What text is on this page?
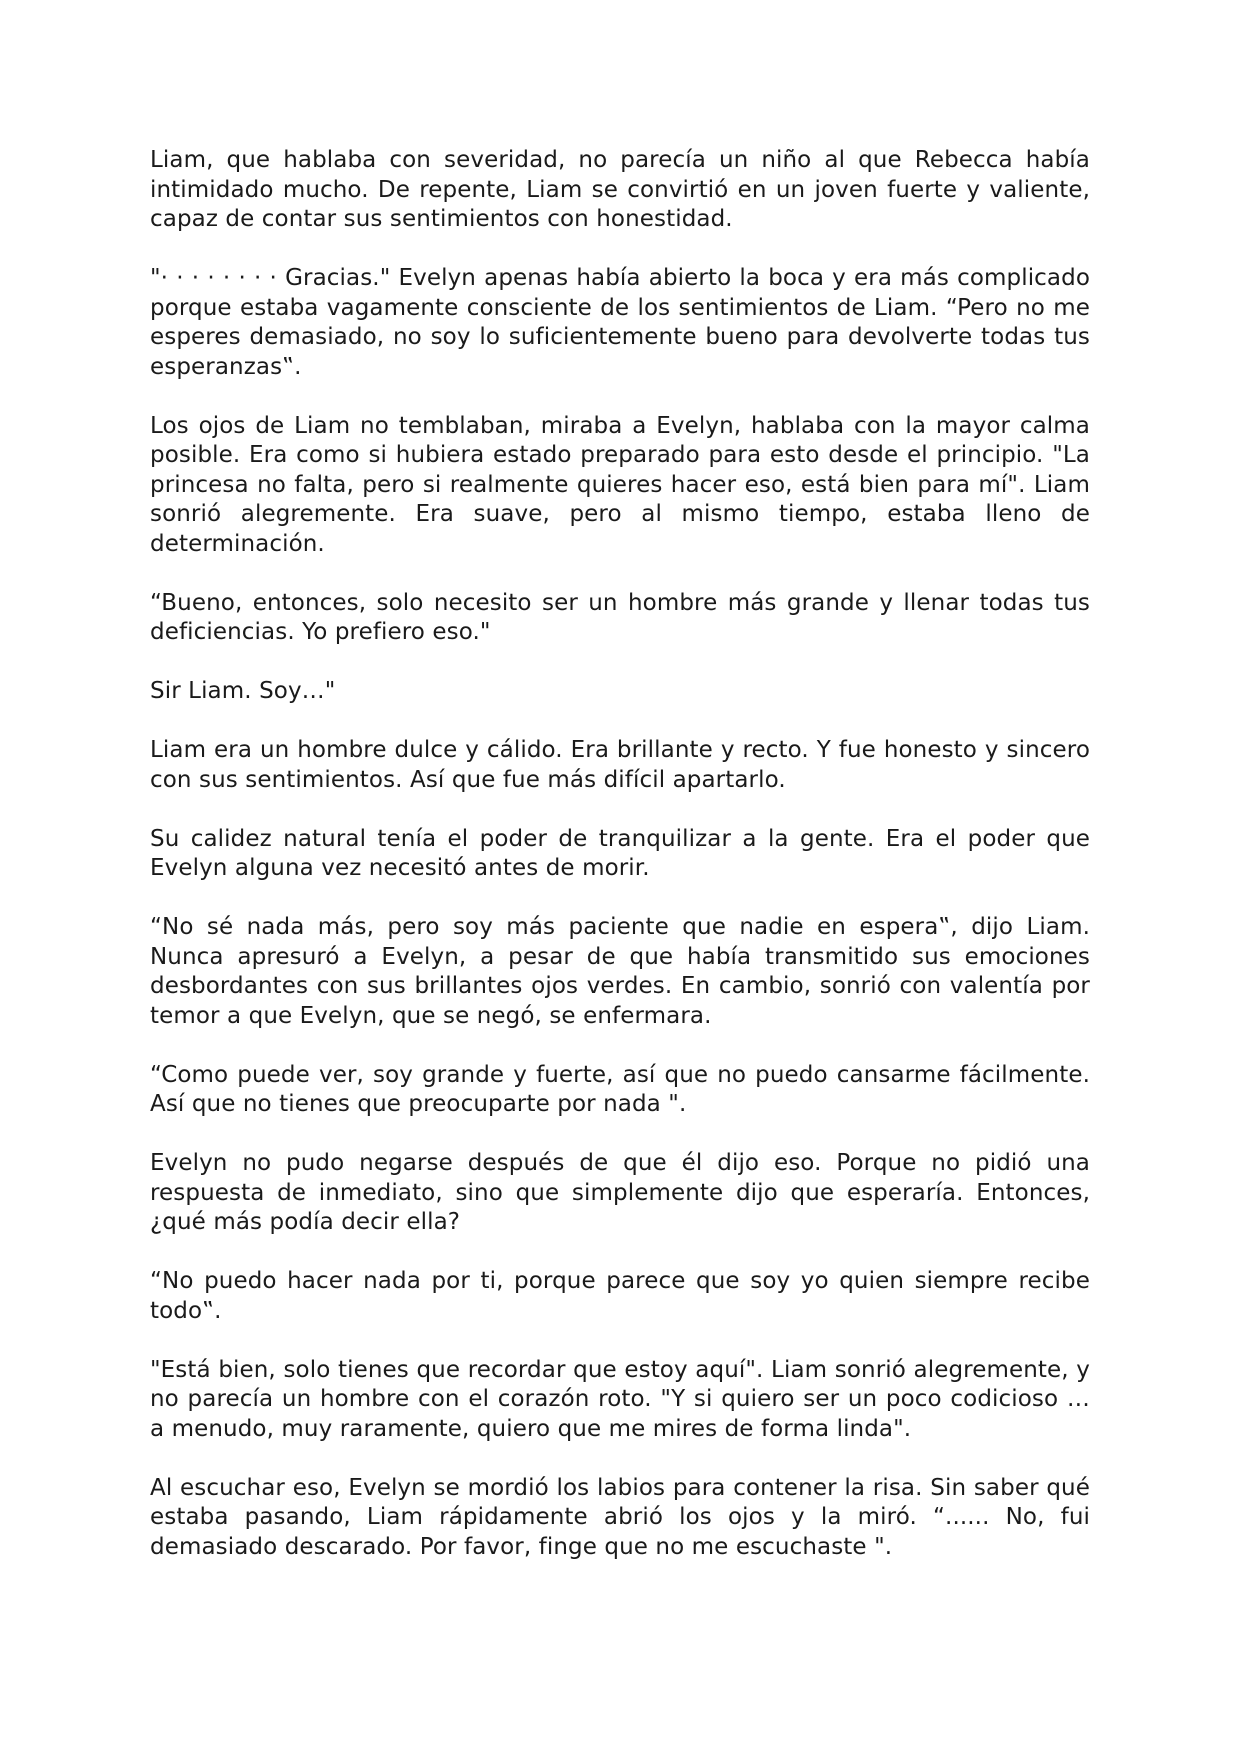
Liam, que hablaba con severidad, no parecía un niño al que Rebecca había intimidado mucho. De repente, Liam se convirtió en un joven fuerte y valiente, capaz de contar sus sentimientos con honestidad.

"· · · · · · · · Gracias." Evelyn apenas había abierto la boca y era más complicado porque estaba vagamente consciente de los sentimientos de Liam. “Pero no me esperes demasiado, no soy lo suficientemente bueno para devolverte todas tus esperanzas‟.

Los ojos de Liam no temblaban, miraba a Evelyn, hablaba con la mayor calma posible. Era como si hubiera estado preparado para esto desde el principio. "La princesa no falta, pero si realmente quieres hacer eso, está bien para mí". Liam sonrió alegremente. Era suave, pero al mismo tiempo, estaba lleno de determinación.

“Bueno, entonces, solo necesito ser un hombre más grande y llenar todas tus deficiencias. Yo prefiero eso."

Sir Liam. Soy…"

Liam era un hombre dulce y cálido. Era brillante y recto. Y fue honesto y sincero con sus sentimientos. Así que fue más difícil apartarlo.

Su calidez natural tenía el poder de tranquilizar a la gente. Era el poder que Evelyn alguna vez necesitó antes de morir.

“No sé nada más, pero soy más paciente que nadie en espera‟, dijo Liam. Nunca apresuró a Evelyn, a pesar de que había transmitido sus emociones desbordantes con sus brillantes ojos verdes. En cambio, sonrió con valentía por temor a que Evelyn, que se negó, se enfermara.

“Como puede ver, soy grande y fuerte, así que no puedo cansarme fácilmente. Así que no tienes que preocuparte por nada ".

Evelyn no pudo negarse después de que él dijo eso. Porque no pidió una respuesta de inmediato, sino que simplemente dijo que esperaría. Entonces, ¿qué más podía decir ella?

“No puedo hacer nada por ti, porque parece que soy yo quien siempre recibe todo‟.

"Está bien, solo tienes que recordar que estoy aquí". Liam sonrió alegremente, y no parecía un hombre con el corazón roto. "Y si quiero ser un poco codicioso … a menudo, muy raramente, quiero que me mires de forma linda".

Al escuchar eso, Evelyn se mordió los labios para contener la risa. Sin saber qué estaba pasando, Liam rápidamente abrió los ojos y la miró. “...... No, fui demasiado descarado. Por favor, finge que no me escuchaste ".
